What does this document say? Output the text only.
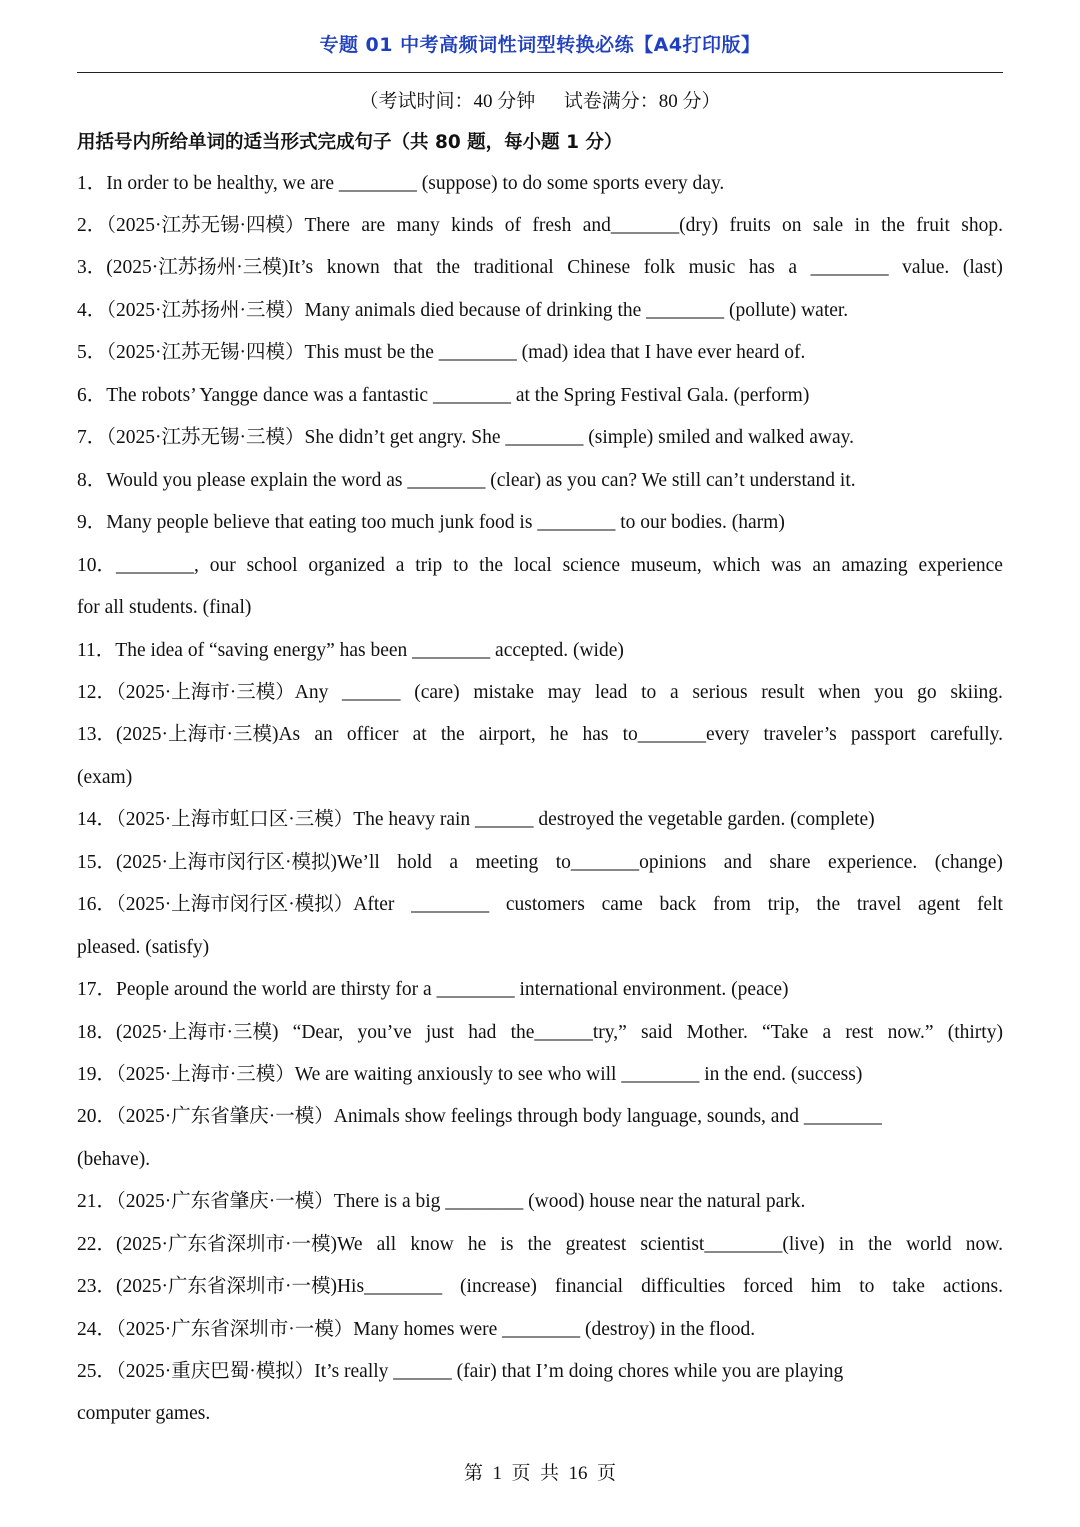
专题 01 中考高频词性词型转换必练【A4打印版】
（考试时间：40 分钟      试卷满分：80 分）
用括号内所给单词的适当形式完成句子（共 80 题，每小题 1 分）
1．In order to be healthy, we are ________ (suppose) to do some sports every day.
2．（2025·江苏无锡·四模）There are many kinds of fresh and_______(dry) fruits on sale in the fruit shop.
3．(2025·江苏扬州·三模)It’s known that the traditional Chinese folk music has a ________ value. (last)
4．（2025·江苏扬州·三模）Many animals died because of drinking the ________ (pollute) water.
5．（2025·江苏无锡·四模）This must be the ________ (mad) idea that I have ever heard of.
6．The robots’ Yangge dance was a fantastic ________ at the Spring Festival Gala. (perform)
7．（2025·江苏无锡·三模）She didn’t get angry. She ________ (simple) smiled and walked away.
8．Would you please explain the word as ________ (clear) as you can? We still can’t understand it.
9．Many people believe that eating too much junk food is ________ to our bodies. (harm)
10．________, our school organized a trip to the local science museum, which was an amazing experience
for all students. (final)
11．The idea of “saving energy” has been ________ accepted. (wide)
12．（2025·上海市·三模）Any ______ (care) mistake may lead to a serious result when you go skiing.
13．(2025·上海市·三模)As an officer at the airport, he has to_______every traveler’s passport carefully.
(exam)
14．（2025·上海市虹口区·三模）The heavy rain ______ destroyed the vegetable garden. (complete)
15．(2025·上海市闵行区·模拟)We’ll hold a meeting to_______opinions and share experience. (change)
16．（2025·上海市闵行区·模拟）After ________ customers came back from trip, the travel agent felt
pleased. (satisfy)
17．People around the world are thirsty for a ________ international environment. (peace)
18．(2025·上海市·三模) “Dear, you’ve just had the______try,” said Mother. “Take a rest now.” (thirty)
19．（2025·上海市·三模）We are waiting anxiously to see who will ________ in the end. (success)
20．（2025·广东省肇庆·一模）Animals show feelings through body language, sounds, and ________
(behave).
21．（2025·广东省肇庆·一模）There is a big ________ (wood) house near the natural park.
22．(2025·广东省深圳市·一模)We all know he is the greatest scientist________(live) in the world now.
23．(2025·广东省深圳市·一模)His________ (increase) financial difficulties forced him to take actions.
24．（2025·广东省深圳市·一模）Many homes were ________ (destroy) in the flood.
25．（2025·重庆巴蜀·模拟）It’s really ______ (fair) that I’m doing chores while you are playing
computer games.
第  1  页  共  16  页
